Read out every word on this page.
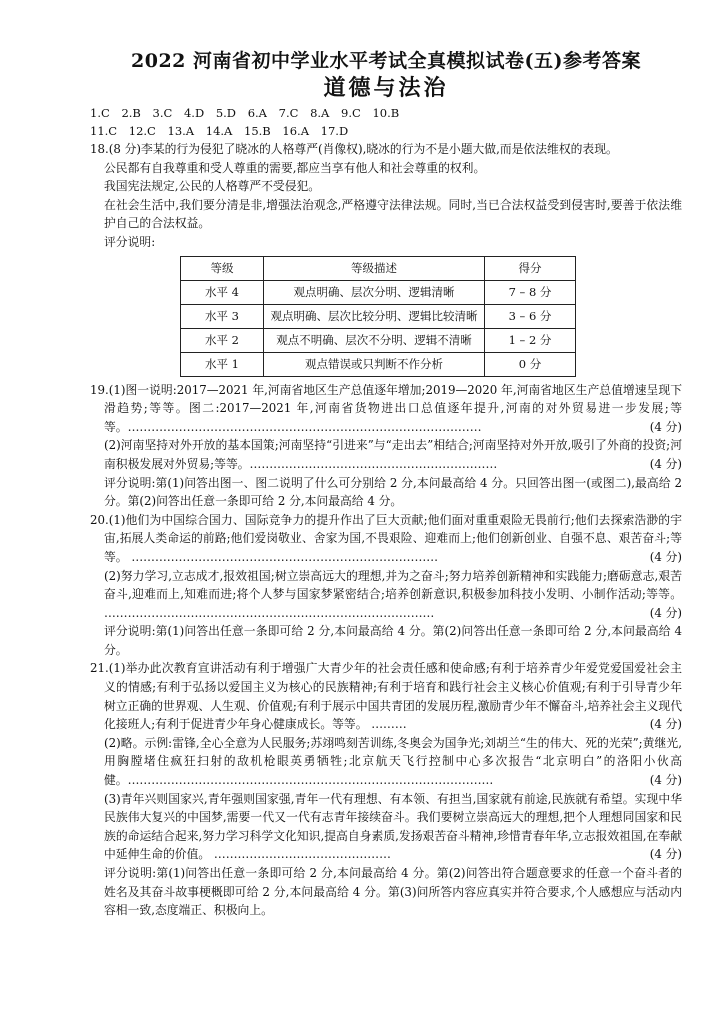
2022 河南省初中学业水平考试全真模拟试卷(五)参考答案
道德与法治
1.C 2.B 3.C 4.D 5.D 6.A 7.C 8.A 9.C 10.B
11.C 12.C 13.A 14.A 15.B 16.A 17.D

18.(8 分)李某的行为侵犯了晓冰的人格尊严(肖像权),晓冰的行为不是小题大做,而是依法维权的表现。

公民都有自我尊重和受人尊重的需要,都应当享有他人和社会尊重的权利。

我国宪法规定,公民的人格尊严不受侵犯。

在社会生活中,我们要分清是非,增强法治观念,严格遵守法律法规。同时,当已合法权益受到侵害时,要善于依法维护自己的合法权益。

评分说明:

等级	等级描述	得分
水平 4	观点明确、层次分明、逻辑清晰	7 – 8 分
水平 3	观点明确、层次比较分明、逻辑比较清晰	3 – 6 分
水平 2	观点不明确、层次不分明、逻辑不清晰	1 – 2 分
水平 1	观点错误或只判断不作分析	0 分

19.(1)图一说明:2017—2021 年,河南省地区生产总值逐年增加;2019—2020 年,河南省地区生产总值增速呈现下滑趋势;等等。图二:2017—2021 年,河南省货物进出口总值逐年提升,河南的对外贸易进一步发展;等等。………………………………………………………………………………	(4 分)

(2)河南坚持对外开放的基本国策;河南坚持“引进来”与“走出去”相结合;河南坚持对外开放,吸引了外商的投资;河南积极发展对外贸易;等等。………………………………………………………	(4 分)

评分说明:第(1)问答出图一、图二说明了什么可分别给 2 分,本问最高给 4 分。只回答出图一(或图二),最高给 2 分。第(2)问答出任意一条即可给 2 分,本问最高给 4 分。

20.(1)他们为中国综合国力、国际竞争力的提升作出了巨大贡献;他们面对重重艰险无畏前行;他们去探索浩渺的宇宙,拓展人类命运的前路;他们爱岗敬业、舍家为国,不畏艰险、迎难而上;他们创新创业、自强不息、艰苦奋斗;等等。 ……………………………………………………………………	(4 分)

(2)努力学习,立志成才,报效祖国;树立崇高远大的理想,并为之奋斗;努力培养创新精神和实践能力;磨砺意志,艰苦奋斗,迎难而上,知难而进;将个人梦与国家梦紧密结合;培养创新意识,积极参加科技小发明、小制作活动;等等。 …………………………………………………………………………	(4 分)

评分说明:第(1)问答出任意一条即可给 2 分,本问最高给 4 分。第(2)问答出任意一条即可给 2 分,本问最高给 4 分。

21.(1)举办此次教育宣讲活动有利于增强广大青少年的社会责任感和使命感;有利于培养青少年爱党爱国爱社会主义的情感;有利于弘扬以爱国主义为核心的民族精神;有利于培育和践行社会主义核心价值观;有利于引导青少年树立正确的世界观、人生观、价值观;有利于展示中国共青团的发展历程,激励青少年不懈奋斗,培养社会主义现代化接班人;有利于促进青少年身心健康成长。等等。 ………	(4 分)

(2)略。示例:雷锋,全心全意为人民服务;苏翊鸣刻苦训练,冬奥会为国争光;刘胡兰“生的伟大、死的光荣”;黄继光,用胸膛堵住疯狂扫射的敌机枪眼英勇牺牲;北京航天飞行控制中心多次报告“北京明白”的洛阳小伙高健。…………………………………………………………………………………	(4 分)

(3)青年兴则国家兴,青年强则国家强,青年一代有理想、有本领、有担当,国家就有前途,民族就有希望。实现中华民族伟大复兴的中国梦,需要一代又一代有志青年接续奋斗。我们要树立崇高远大的理想,把个人理想同国家和民族的命运结合起来,努力学习科学文化知识,提高自身素质,发扬艰苦奋斗精神,珍惜青春年华,立志报效祖国,在奉献中延伸生命的价值。 ………………………………………	(4 分)

评分说明:第(1)问答出任意一条即可给 2 分,本问最高给 4 分。第(2)问答出符合题意要求的任意一个奋斗者的姓名及其奋斗故事梗概即可给 2 分,本问最高给 4 分。第(3)问所答内容应真实并符合要求,个人感想应与活动内容相一致,态度端正、积极向上。
